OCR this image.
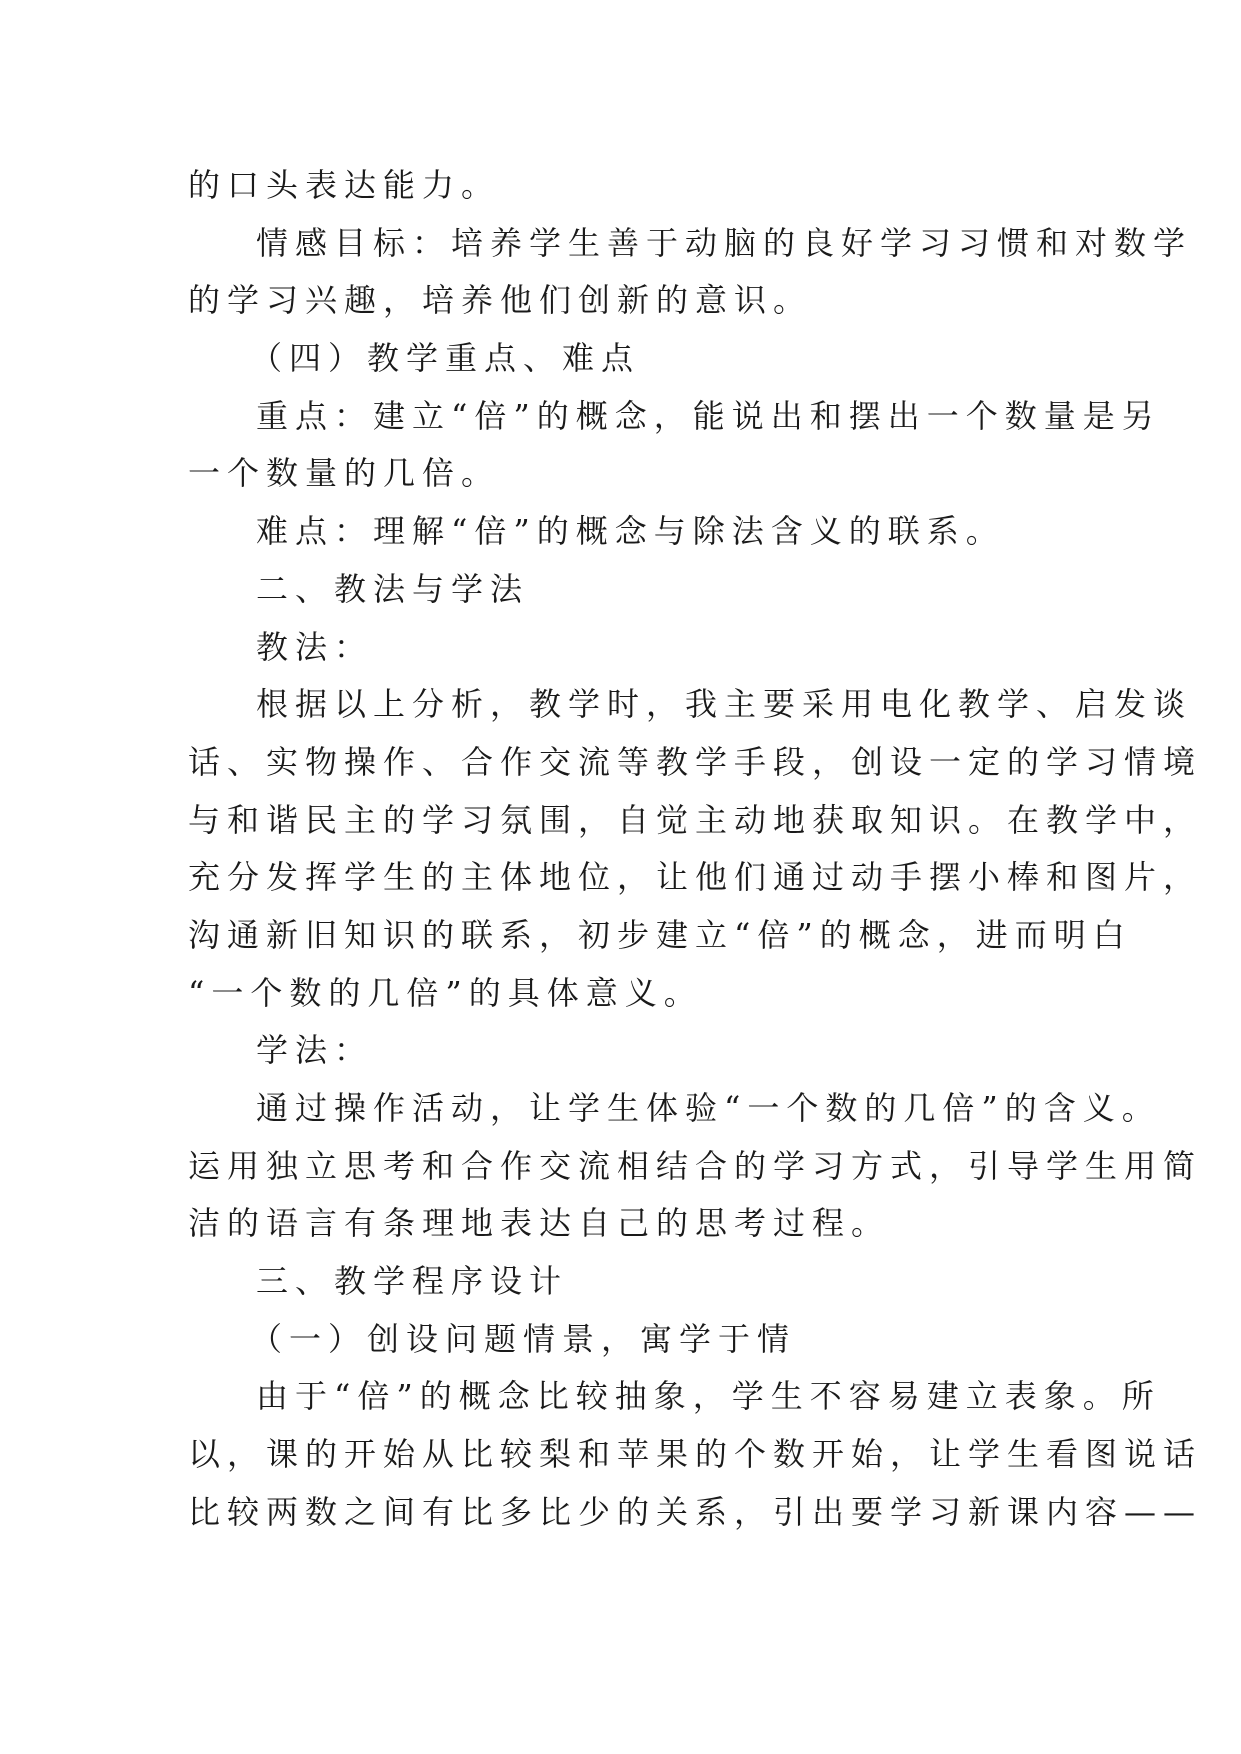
的口头表达能力。
情感目标：培养学生善于动脑的良好学习习惯和对数学
的学习兴趣，培养他们创新的意识。
（四）教学重点、难点
重点：建立“倍”的概念，能说出和摆出一个数量是另
一个数量的几倍。
难点：理解“倍”的概念与除法含义的联系。
二、教法与学法
教法：
根据以上分析，教学时，我主要采用电化教学、启发谈
话、实物操作、合作交流等教学手段，创设一定的学习情境
与和谐民主的学习氛围，自觉主动地获取知识。在教学中，
充分发挥学生的主体地位，让他们通过动手摆小棒和图片，
沟通新旧知识的联系，初步建立“倍”的概念，进而明白
“一个数的几倍”的具体意义。
学法：
通过操作活动，让学生体验“一个数的几倍”的含义。
运用独立思考和合作交流相结合的学习方式，引导学生用简
洁的语言有条理地表达自己的思考过程。
三、教学程序设计
（一）创设问题情景，寓学于情
由于“倍”的概念比较抽象，学生不容易建立表象。所
以，课的开始从比较梨和苹果的个数开始，让学生看图说话
比较两数之间有比多比少的关系，引出要学习新课内容——
